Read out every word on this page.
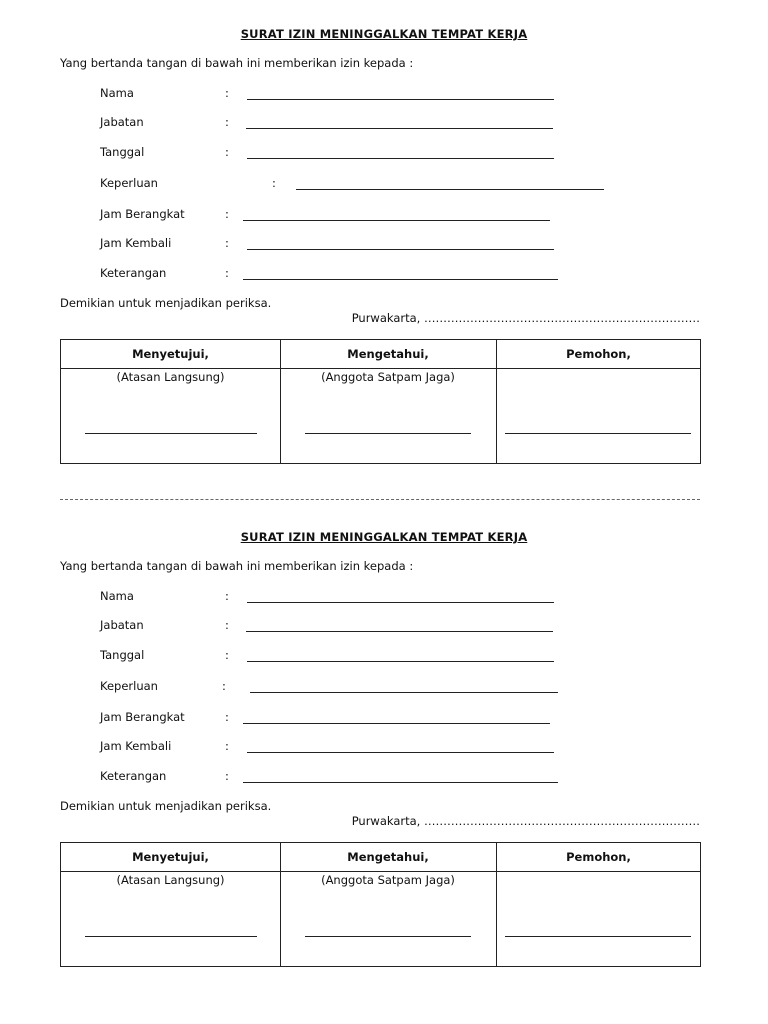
SURAT IZIN MENINGGALKAN TEMPAT KERJA
Yang bertanda tangan di bawah ini memberikan izin kepada :
Nama	:
Jabatan	:
Tanggal	:
Keperluan	:
Jam Berangkat	:
Jam Kembali	:
Keterangan	:
Demikian untuk menjadikan periksa.
Purwakarta, ………………………………………………………………
Menyetujui,	Mengetahui,	Pemohon,
(Atasan Langsung)	(Anggota Satpam Jaga)
SURAT IZIN MENINGGALKAN TEMPAT KERJA
Yang bertanda tangan di bawah ini memberikan izin kepada :
Nama	:
Jabatan	:
Tanggal	:
Keperluan	:
Jam Berangkat	:
Jam Kembali	:
Keterangan	:
Demikian untuk menjadikan periksa.
Purwakarta, ………………………………………………………………
Menyetujui,	Mengetahui,	Pemohon,
(Atasan Langsung)	(Anggota Satpam Jaga)
